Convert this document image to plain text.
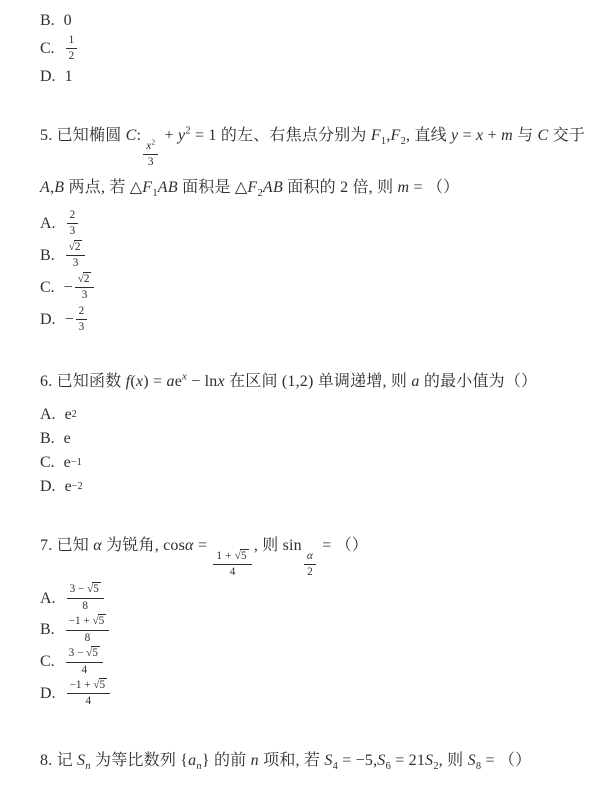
B. 0
C. $\frac{1}{2}$
D. 1

5. 已知椭圆 C:
$\frac{x^2}{3}$
+ $y^2 = 1$ 的左、右焦点分别为 $F_1,F_2$, 直线 y = x + m 与 C 交于 A,B 两点, 若 $\triangle F_1AB$ 面积是 $\triangle F_2AB$ 面积的 2 倍, 则 m = （）

A. $\frac{2}{3}$
B. $\frac{√2}{3}$
C. − $\frac{√2}{3}$
D. − $\frac{2}{3}$

6. 已知函数 $f(x) = ae^x - \ln x$ 在区间 (1,2) 单调递增, 则 a 的最小值为（）

A. e 2
B. e
C. e −1
D. e −2

7. 已知 α 为锐角, cosα =
$\frac{1 + √5}{4}$
, 则 sin
$\frac{\alpha}{2}$
= （）

A. $\frac{3 - √5}{8}$
B. $\frac{-1 + √5}{8}$
C. $\frac{3 - √5}{4}$
D. $\frac{-1 + √5}{4}$

8. 记 $S_n$ 为等比数列 $\{a_n\}$ 的前 n 项和, 若 $S_4 = -5,S_6 = 21S_2$, 则 $S_8$ = （）
